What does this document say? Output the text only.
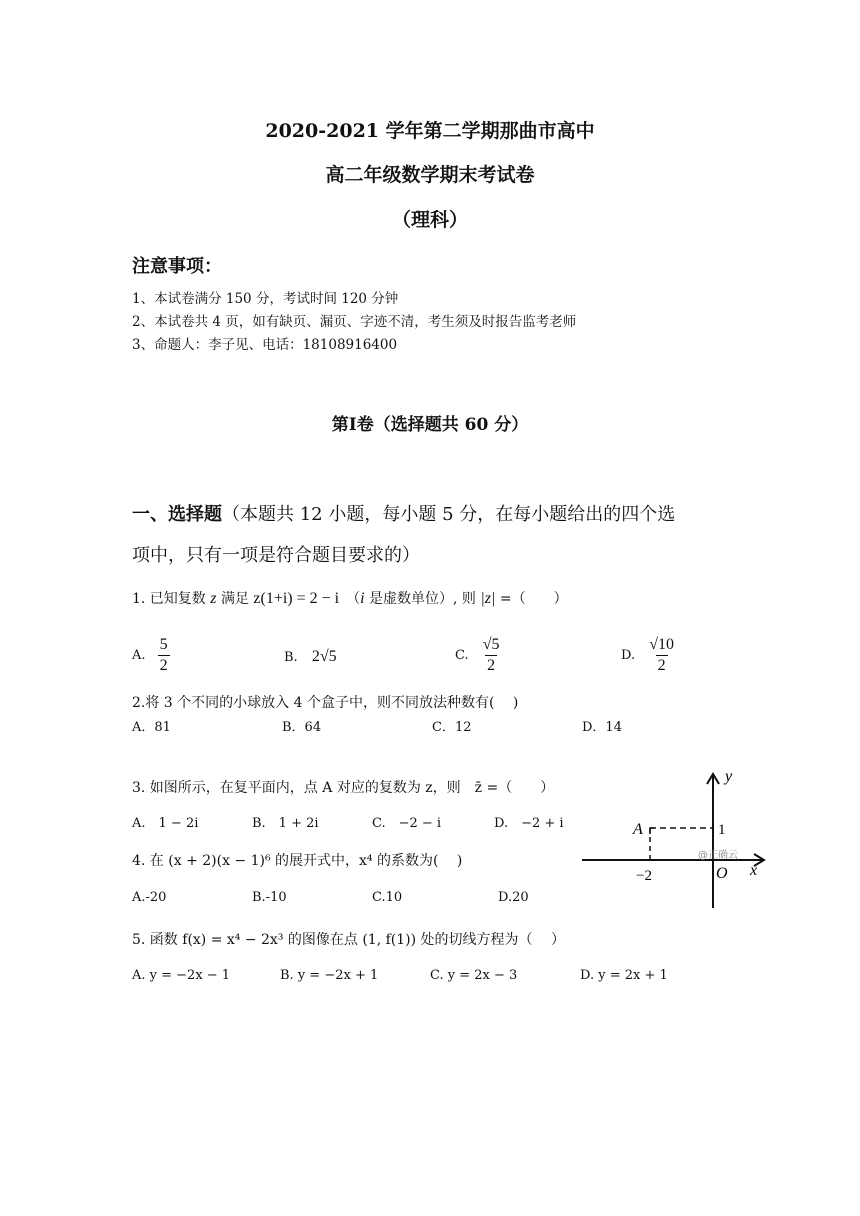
2020-2021 学年第二学期那曲市高中
高二年级数学期末考试卷
（理科）
注意事项：
1、本试卷满分 150 分，考试时间 120 分钟
2、本试卷共 4 页，如有缺页、漏页、字迹不清，考生须及时报告监考老师
3、命题人：李子见、电话：18108916400
第Ⅰ卷（选择题共 60 分）
一、选择题（本题共 12 小题，每小题 5 分，在每小题给出的四个选
项中，只有一项是符合题目要求的）
1. 已知复数 z 满足 z(1+i) = 2 − i　 （i 是虚数单位）, 则 |z| =（　　）
A. $\frac{5}{2}$	B. 2√5	C. $\frac{√5}{2}$	D. $\frac{√10}{2}$
2.将 3 个不同的小球放入 4 个盒子中，则不同放法种数有(　 )
A．81	B．64	C．12	D．14
3. 如图所示，在复平面内，点 A 对应的复数为 z，则　z̄ =（　　）
A.　1 − 2i	B.　1 + 2i	C.　−2 − i	D.　−2 + i
y
x
O
A	1
−2
@正确云
4. 在 (x + 2)(x − 1)⁶ 的展开式中，x⁴ 的系数为(　 )
A.-20	B.-10	C.10	D.20
5. 函数 f(x) = x⁴ − 2x³ 的图像在点 (1, f(1)) 处的切线方程为（　 ）
A. y = −2x − 1	B. y = −2x + 1	C. y = 2x − 3	D. y = 2x + 1
